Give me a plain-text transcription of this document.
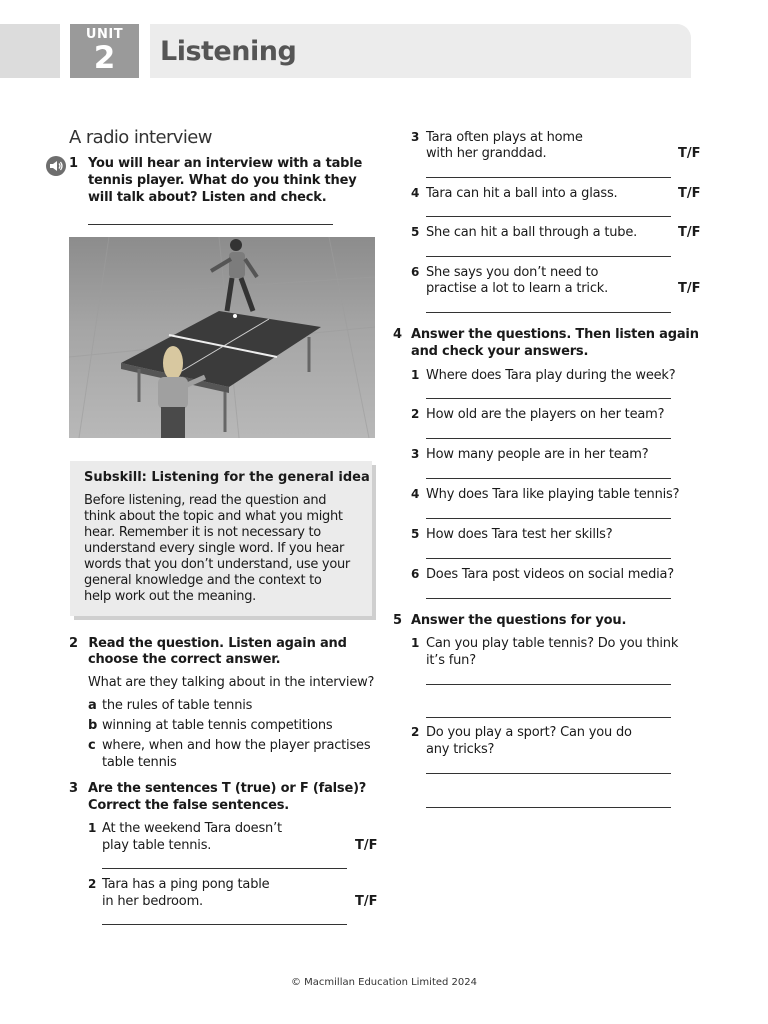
UNIT
2	Listening
A radio interview
1 You will hear an interview with a table
tennis player. What do you think they
will talk about? Listen and check.
Subskill: Listening for the general idea
Before listening, read the question and
think about the topic and what you might
hear. Remember it is not necessary to
understand every single word. If you hear
words that you don’t understand, use your
general knowledge and the context to
help work out the meaning.
2 Read the question. Listen again and
choose the correct answer.
What are they talking about in the interview?
a the rules of table tennis
b winning at table tennis competitions
c where, when and how the player practises
table tennis
3 Are the sentences T (true) or F (false)?
Correct the false sentences.
1 At the weekend Tara doesn’t
play table tennis.	T/F
2 Tara has a ping pong table
in her bedroom.	T/F
3 Tara often plays at home
with her granddad.	T/F
4 Tara can hit a ball into a glass.	T/F
5 She can hit a ball through a tube.	T/F
6 She says you don’t need to
practise a lot to learn a trick.	T/F
4 Answer the questions. Then listen again
and check your answers.
1 Where does Tara play during the week?
2 How old are the players on her team?
3 How many people are in her team?
4 Why does Tara like playing table tennis?
5 How does Tara test her skills?
6 Does Tara post videos on social media?
5 Answer the questions for you.
1 Can you play table tennis? Do you think
it’s fun?
2 Do you play a sport? Can you do
any tricks?
© Macmillan Education Limited 2024
